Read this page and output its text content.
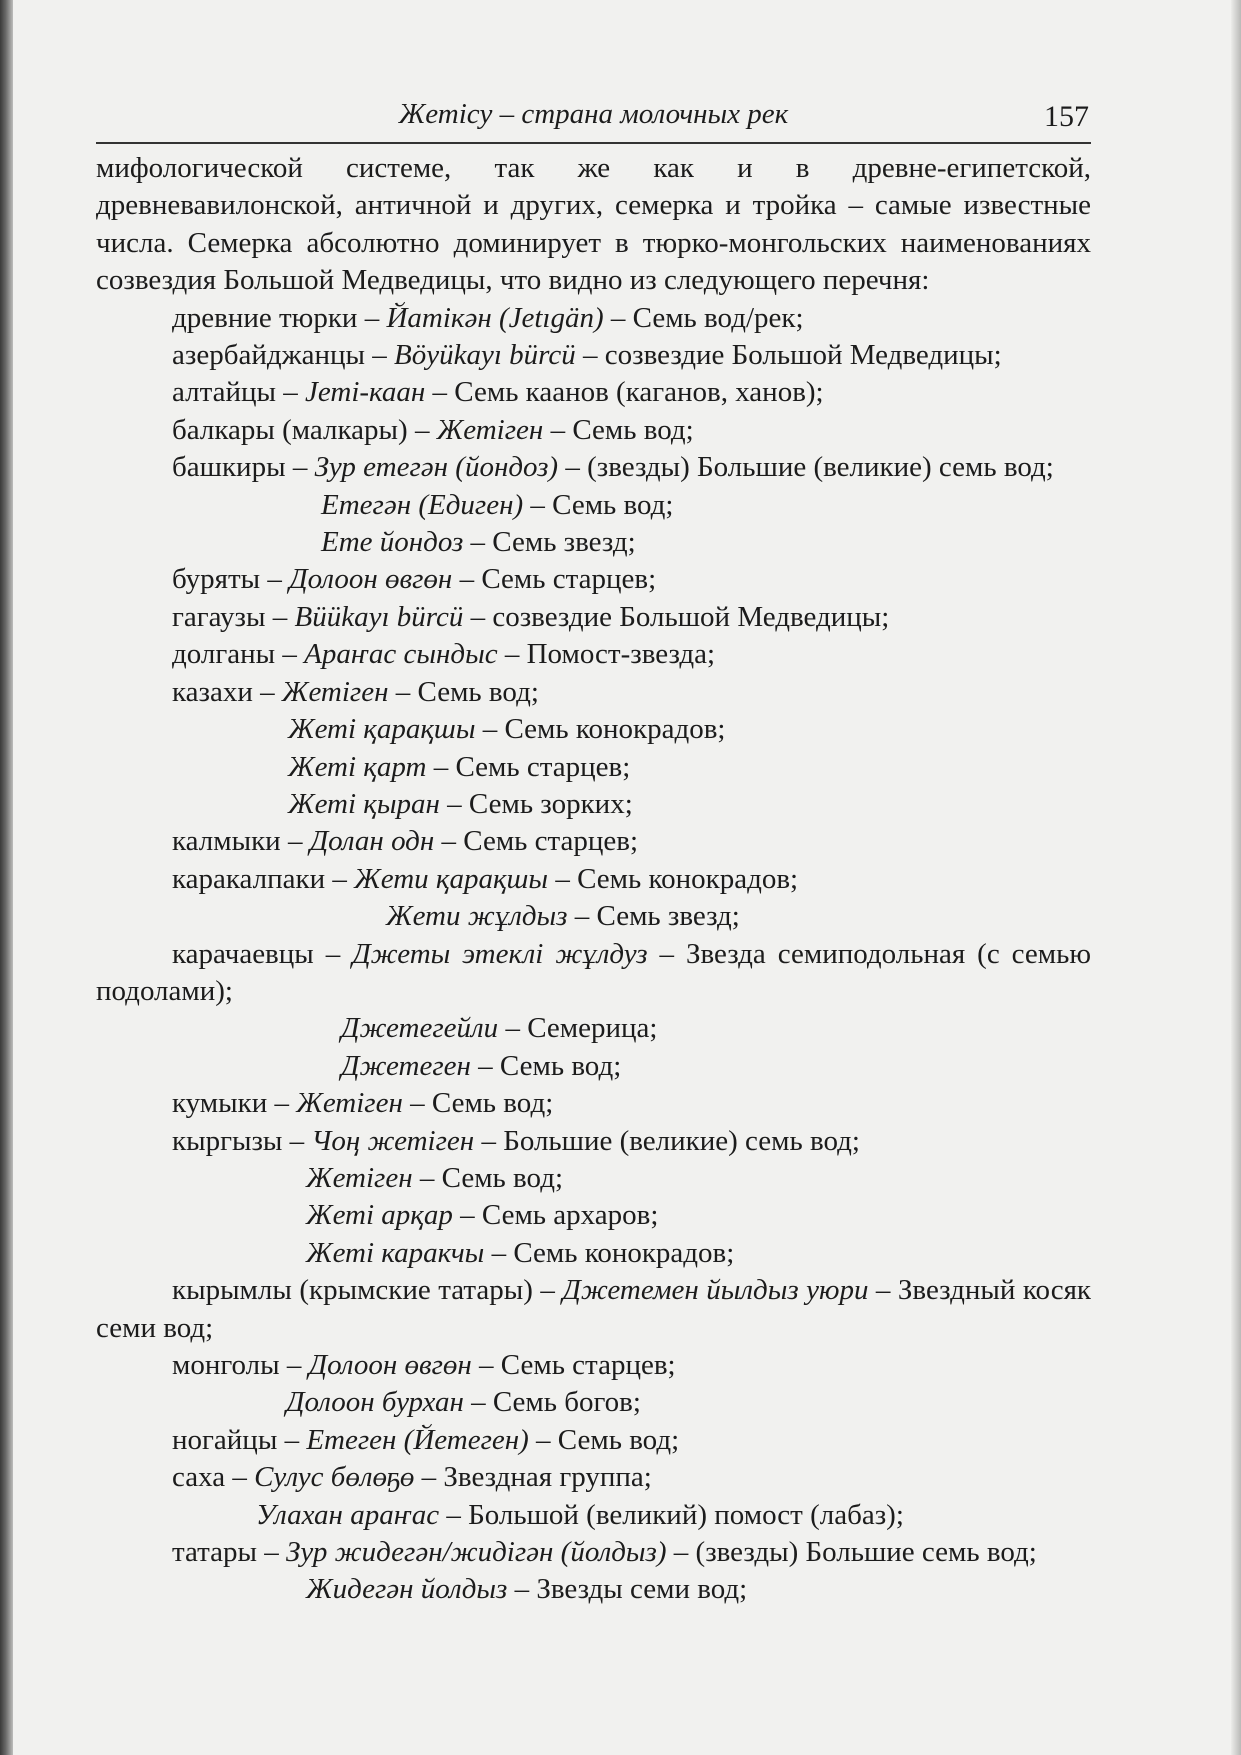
Жетісу – страна молочных рек	157

мифологической системе, так же как и в древне-египетской, древневавилонской, античной и других, семерка и тройка – самые известные числа. Семерка абсолютно доминирует в тюрко-монгольских наименованиях созвездия Большой Медведицы, что видно из следующего перечня:

древние тюрки – Йатікән (Jetıgän) – Семь вод/рек;

азербайджанцы – Böyükayı bürcü – созвездие Большой Медведицы;

алтайцы – Jеті-каан – Семь каанов (каганов, ханов);

балкары (малкары) – Жетіген – Семь вод;

башкиры – Зур етегән (йондоз) – (звезды) Большие (великие) семь вод;

Етегән (Едиген) – Семь вод;

Ете йондоз – Семь звезд;

буряты – Долоон өвгөн – Семь старцев;

гагаузы – Büükayı bürcü – созвездие Большой Медведицы;

долганы – Араҥас сындыс – Помост-звезда;

казахи – Жетіген – Семь вод;

Жеті қарақшы – Семь конокрадов;

Жеті қарт – Семь старцев;

Жеті қыран – Семь зорких;

калмыки – Долан одн – Семь старцев;

каракалпаки – Жети қарақшы – Семь конокрадов;

Жети жұлдыз – Семь звезд;

карачаевцы – Джеты этеклі жұлдуз – Звезда семиподольная (с семью подолами);

Джетегейли – Семерица;

Джетеген – Семь вод;

кумыки – Жетіген – Семь вод;

кыргызы – Чоң жетіген – Большие (великие) семь вод;

Жетіген – Семь вод;

Жеті арқар – Семь архаров;

Жеті каракчы – Семь конокрадов;

кырымлы (крымские татары) – Джетемен йылдыз уюри – Звездный косяк семи вод;

монголы – Долоон өвгөн – Семь старцев;

Долоон бурхан – Семь богов;

ногайцы – Етеген (Йетеген) – Семь вод;

саха – Сулус бөлөҕө – Звездная группа;

Улахан араҥас – Большой (великий) помост (лабаз);

татары – Зур жидегән/жидігән (йолдыз) – (звезды) Большие семь вод;

Жидегән йолдыз – Звезды семи вод;
